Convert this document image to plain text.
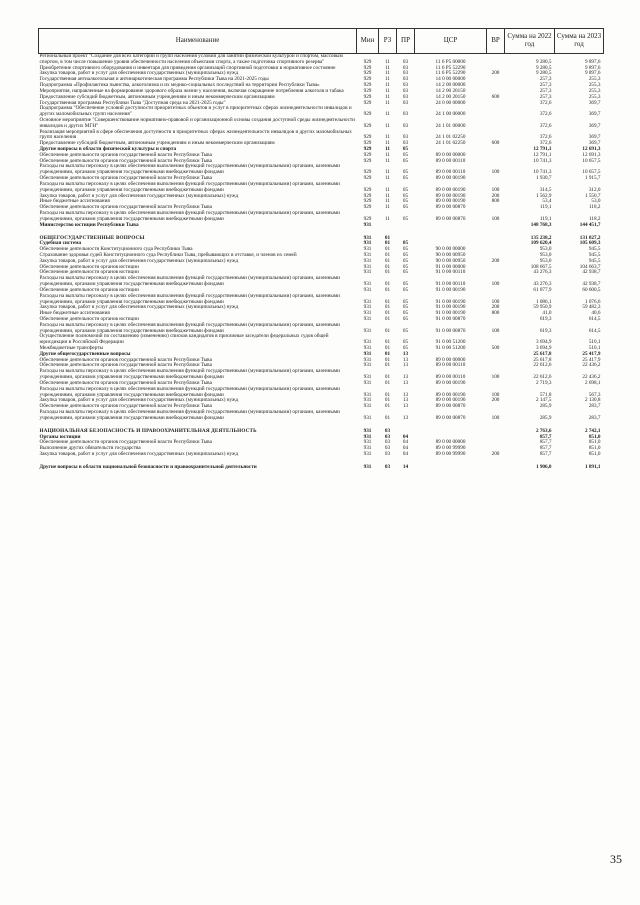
Наименование	Мин	РЗ	ПР	ЦСР	ВР	Сумма на 2022 год	Сумма на 2023 год
Региональный проект "Создание для всех категорий и групп населения условий для занятий физической культурой и спортом, массовым спортом, в том числе повышение уровня обеспеченности населения объектами спорта, а также подготовка спортивного резерва"	929	11	03	11 6 P5 00000		9 280,5	9 897,6
Приобретение спортивного оборудования и инвентаря для приведения организаций спортивной подготовки в нормативное состояние	929	11	03	11 6 P5 52290		9 280,5	9 897,6
Закупка товаров, работ и услуг для обеспечения государственных (муниципальных) нужд	929	11	03	11 6 P5 52290	200	9 280,5	9 897,6
Государственная антиалкогольная и антинаркотическая программа Республики Тыва на 2021-2025 годы	929	11	03	14 0 00 00000		257,3	255,3
Подпрограмма «Профилактика пьянства, алкоголизма и их медико-социальных последствий на территории Республики Тыва»	929	11	03	14 2 00 00000		257,3	255,3
Мероприятия, направленные на формирование здорового образа жизни у населения, включая сокращение потребления алкоголя и табака	929	11	03	14 2 00 20150		257,3	255,3
Предоставление субсидий бюджетным, автономным учреждениям и иным некоммерческим организациям	929	11	03	14 2 00 20150	600	257,3	255,3
Государственная программа Республики Тыва "Доступная среда на 2021-2025 годы"	929	11	03	24 0 00 00000		372,6	369,7
Подпрограмма "Обеспечение условий доступности приоритетных объектов и услуг в приоритетных сферах жизнедеятельности инвалидов и других маломобильных групп населения"	929	11	03	24 1 00 00000		372,6	369,7
Основное мероприятие "Совершенствование нормативно-правовой и организационной основы создания доступной среды жизнедеятельности инвалидов и других МГН"	929	11	03	24 1 01 00000		372,6	369,7
Реализация мероприятий в сфере обеспечения доступности в приоритетных сферах жизнедеятельности инвалидов и других маломобильных групп населения	929	11	03	24 1 01 02250		372,6	369,7
Предоставление субсидий бюджетным, автономным учреждениям и иным некоммерческим организациям	929	11	03	24 1 01 02250	600	372,6	369,7
Другие вопросы в области физической культуры и спорта	929	11	05			12 791,1	12 691,3
Обеспечение деятельности органов государственной власти Республики Тыва	929	11	05	89 0 00 00000		12 791,1	12 691,3
Обеспечение деятельности органов государственной власти Республики Тыва	929	11	05	89 0 00 00110		10 741,3	10 657,5
Расходы на выплаты персоналу в целях обеспечения выполнения функций государственными (муниципальными) органами, казенными учреждениями, органами управления государственными внебюджетными фондами	929	11	05	89 0 00 00110	100	10 741,3	10 657,5
Обеспечение деятельности органов государственной власти Республики Тыва	929	11	05	89 0 00 00190		1 930,7	1 915,7
Расходы на выплаты персоналу в целях обеспечения выполнения функций государственными (муниципальными) органами, казенными учреждениями, органами управления государственными внебюджетными фондами	929	11	05	89 0 00 00190	100	314,5	312,0
Закупка товаров, работ и услуг для обеспечения государственных (муниципальных) нужд	929	11	05	89 0 00 00190	200	1 562,9	1 550,7
Иные бюджетные ассигнования	929	11	05	89 0 00 00190	800	53,4	53,0
Обеспечение деятельности органов государственной власти Республики Тыва	929	11	05	89 0 00 00870		119,1	118,2
Расходы на выплаты персоналу в целях обеспечения выполнения функций государственными (муниципальными) органами, казенными учреждениями, органами управления государственными внебюджетными фондами	929	11	05	89 0 00 00870	100	119,1	118,2
Министерство юстиции Республики Тыва	931					148 768,3	144 451,7
ОБЩЕГОСУДАРСТВЕННЫЕ ВОПРОСЫ	931	01				135 238,2	131 027,2
Судебная система	931	01	05			109 620,4	105 609,3
Обеспечение деятельности Конституционного суда Республики Тыва	931	01	05	90 0 00 00000		953,0	945,5
Страхование здоровья судей Конституционного суда Республики Тыва, пребывающих в отставке, и членов их семей	931	01	05	90 0 00 00950		953,0	945,5
Закупка товаров, работ и услуг для обеспечения государственных (муниципальных) нужд	931	01	05	90 0 00 00950	200	953,0	945,5
Обеспечение деятельности органов юстиции	931	01	05	91 0 00 00000		108 667,5	104 663,7
Обеспечение деятельности органов юстиции	931	01	05	91 0 00 00110		43 276,3	42 938,7
Расходы на выплаты персоналу в целях обеспечения выполнения функций государственными (муниципальными) органами, казенными учреждениями, органами управления государственными внебюджетными фондами	931	01	05	91 0 00 00110	100	43 276,3	42 938,7
Обеспечение деятельности органов юстиции	931	01	05	91 0 00 00190		61 077,9	60 600,5
Расходы на выплаты персоналу в целях обеспечения выполнения функций государственными (муниципальными) органами, казенными учреждениями, органами управления государственными внебюджетными фондами	931	01	05	91 0 00 00190	100	1 086,1	1 076,6
Закупка товаров, работ и услуг для обеспечения государственных (муниципальных) нужд	931	01	05	91 0 00 00190	200	59 950,9	59 482,3
Иные бюджетные ассигнования	931	01	05	91 0 00 00190	800	41,0	40,6
Обеспечение деятельности органов юстиции	931	01	05	91 0 00 00870		619,3	614,5
Расходы на выплаты персоналу в целях обеспечения выполнения функций государственными (муниципальными) органами, казенными учреждениями, органами управления государственными внебюджетными фондами	931	01	05	91 0 00 00870	100	619,3	614,5
Осуществление полномочий по составлению (изменению) списков кандидатов в присяжные заседатели федеральных судов общей юрисдикции в Российской Федерации	931	01	05	91 0 00 51200		3 694,9	510,1
Межбюджетные трансферты	931	01	05	91 0 00 51200	500	3 694,9	510,1
Другие общегосударственные вопросы	931	01	13			25 617,8	25 417,9
Обеспечение деятельности органов государственной власти Республики Тыва	931	01	13	89 0 00 00000		25 617,8	25 417,9
Обеспечение деятельности органов государственной власти Республики Тыва	931	01	13	89 0 00 00110		22 612,6	22 436,2
Расходы на выплаты персоналу в целях обеспечения выполнения функций государственными (муниципальными) органами, казенными учреждениями, органами управления государственными внебюджетными фондами	931	01	13	89 0 00 00110	100	22 612,6	22 436,2
Обеспечение деятельности органов государственной власти Республики Тыва	931	01	13	89 0 00 00190		2 719,3	2 698,1
Расходы на выплаты персоналу в целях обеспечения выполнения функций государственными (муниципальными) органами, казенными учреждениями, органами управления государственными внебюджетными фондами	931	01	13	89 0 00 00190	100	571,8	567,3
Закупка товаров, работ и услуг для обеспечения государственных (муниципальных) нужд	931	01	13	89 0 00 00190	200	2 147,5	2 130,8
Обеспечение деятельности органов государственной власти Республики Тыва	931	01	13	89 0 00 00870		285,9	283,7
Расходы на выплаты персоналу в целях обеспечения выполнения функций государственными (муниципальными) органами, казенными учреждениями, органами управления государственными внебюджетными фондами	931	01	13	89 0 00 00870	100	285,9	283,7
НАЦИОНАЛЬНАЯ БЕЗОПАСНОСТЬ И ПРАВООХРАНИТЕЛЬНАЯ ДЕЯТЕЛЬНОСТЬ	931	03				2 763,6	2 742,1
Органы юстиции	931	03	04			857,7	851,0
Обеспечение деятельности органов государственной власти Республики Тыва	931	03	04	89 0 00 00000		857,7	851,0
Выполнение других обязательств государства	931	03	04	89 0 00 99990		857,7	851,0
Закупка товаров, работ и услуг для обеспечения государственных (муниципальных) нужд	931	03	04	89 0 00 99990	200	857,7	851,0
Другие вопросы в области национальной безопасности и правоохранительной деятельности	931	03	14			1 906,0	1 891,1
35
